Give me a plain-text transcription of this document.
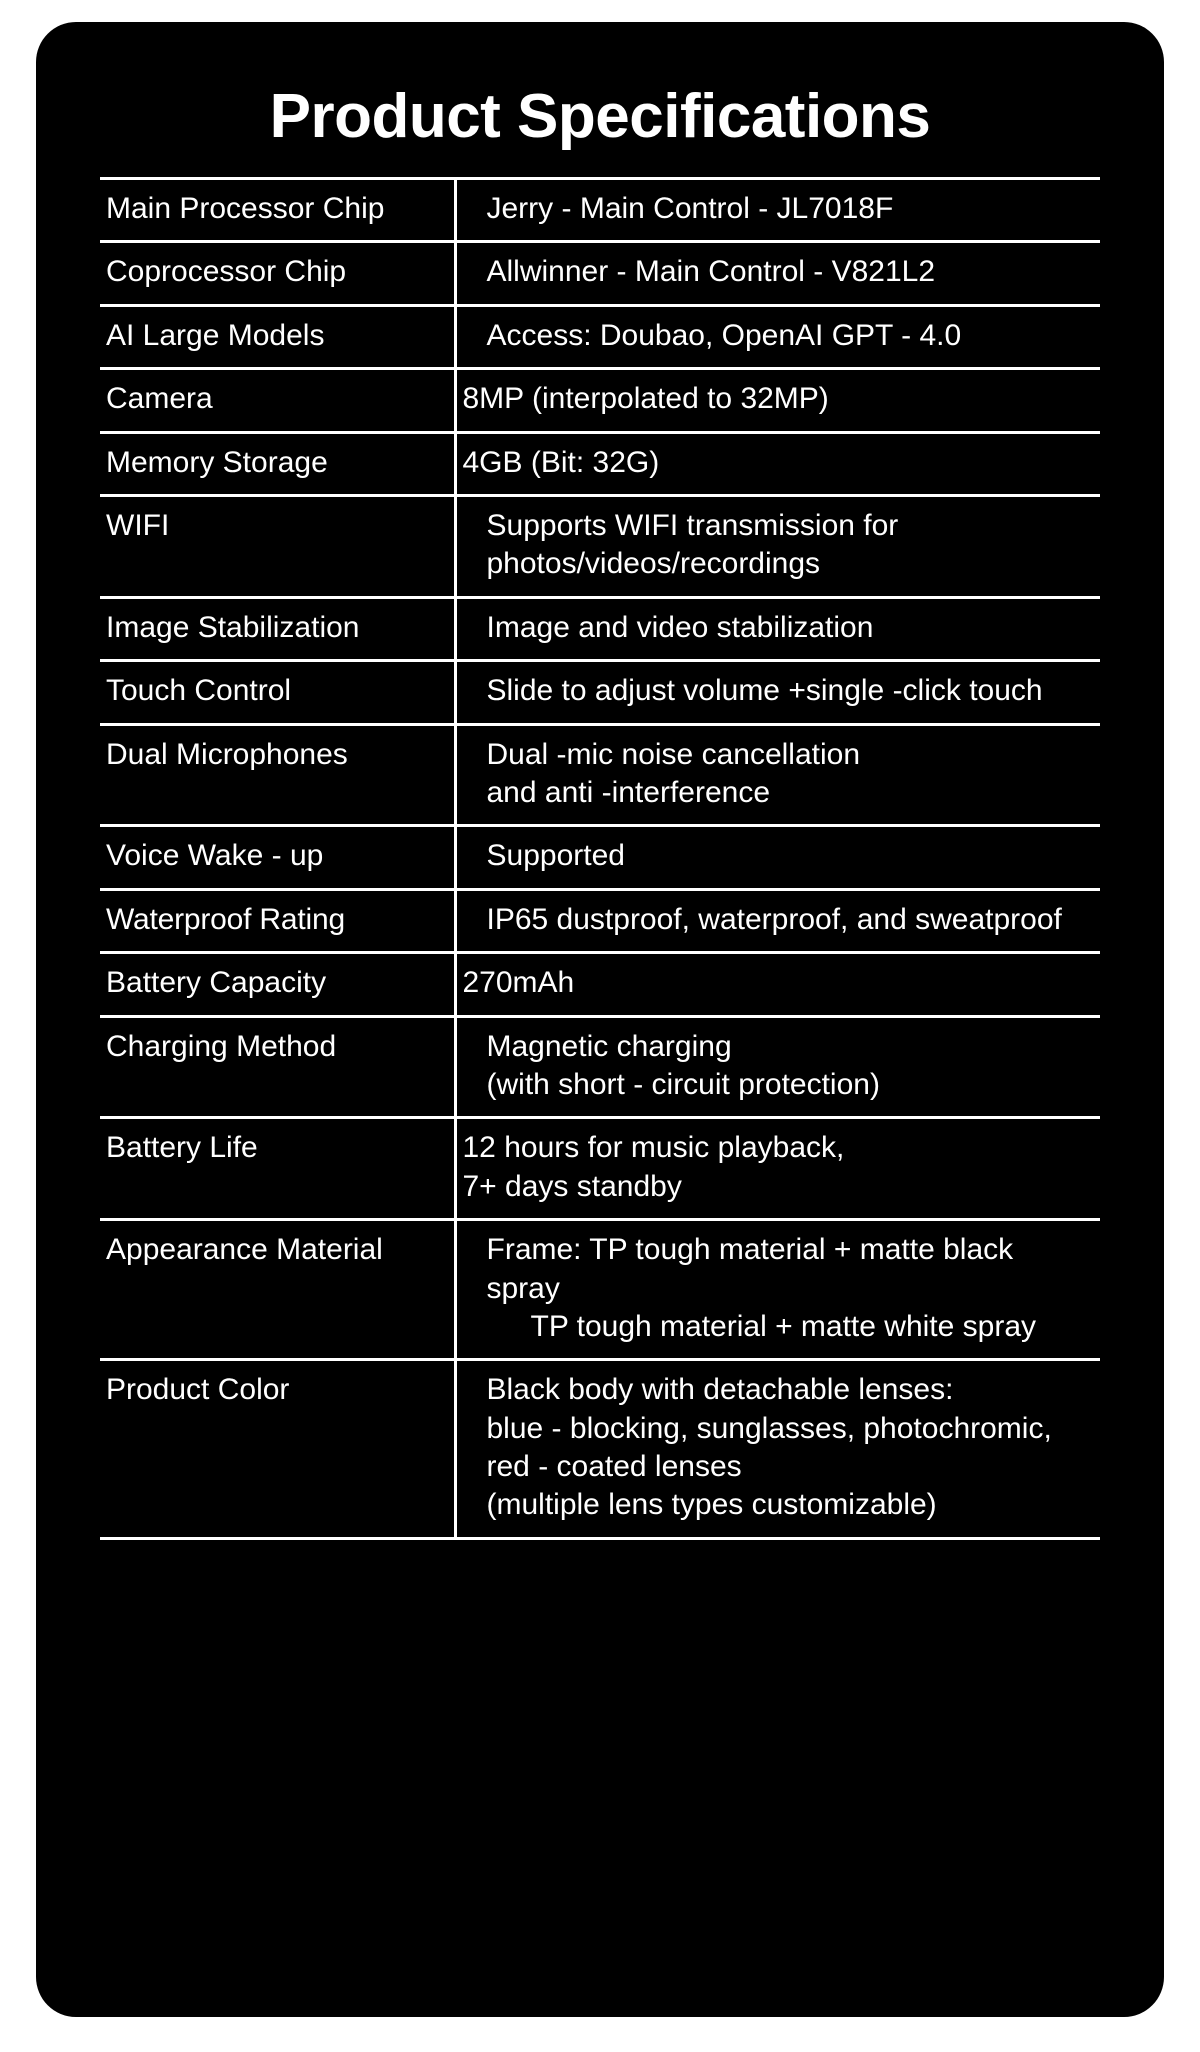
Product Specifications
Main Processor Chip	Jerry - Main Control - JL7018F

Coprocessor Chip	Allwinner - Main Control - V821L2

AI Large Models	Access: Doubao, OpenAI GPT - 4.0

Camera	8MP (interpolated to 32MP)

Memory Storage	4GB (Bit: 32G)

WIFI	Supports WIFI transmission for
photos/videos/recordings

Image Stabilization	Image and video stabilization

Touch Control	Slide to adjust volume +single -click touch

Dual Microphones	Dual -mic noise cancellation
and anti -interference

Voice Wake - up	Supported

Waterproof Rating	IP65 dustproof, waterproof, and sweatproof

Battery Capacity	270mAh

Charging Method	Magnetic charging
(with short - circuit protection)

Battery Life	12 hours for music playback,
7+ days standby

Appearance Material	Frame: TP tough material + matte black spray
TP tough material + matte white spray

Product Color	Black body with detachable lenses:
blue - blocking, sunglasses, photochromic,
red - coated lenses
(multiple lens types customizable)
